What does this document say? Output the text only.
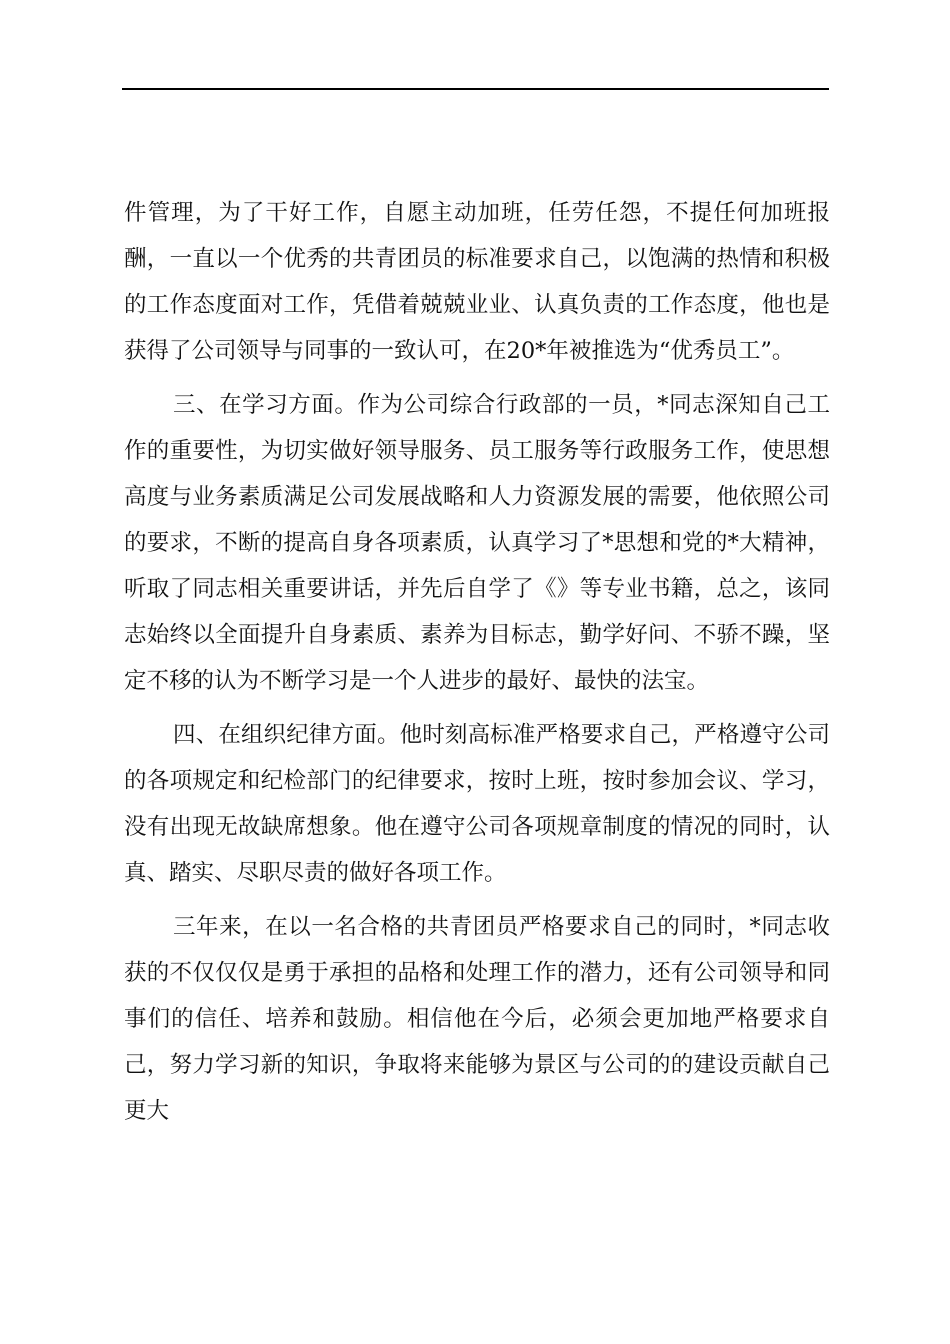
件管理，为了干好工作，自愿主动加班，任劳任怨，不提任何加班报酬，一直以一个优秀的共青团员的标准要求自己，以饱满的热情和积极的工作态度面对工作，凭借着兢兢业业、认真负责的工作态度，他也是获得了公司领导与同事的一致认可，在20*年被推选为“优秀员工”。

三、在学习方面。作为公司综合行政部的一员，*同志深知自己工作的重要性，为切实做好领导服务、员工服务等行政服务工作，使思想高度与业务素质满足公司发展战略和人力资源发展的需要，他依照公司的要求，不断的提高自身各项素质，认真学习了*思想和党的*大精神，听取了同志相关重要讲话，并先后自学了《》等专业书籍，总之，该同志始终以全面提升自身素质、素养为目标志，勤学好问、不骄不躁，坚定不移的认为不断学习是一个人进步的最好、最快的法宝。

四、在组织纪律方面。他时刻高标准严格要求自己，严格遵守公司的各项规定和纪检部门的纪律要求，按时上班，按时参加会议、学习，没有出现无故缺席想象。他在遵守公司各项规章制度的情况的同时，认真、踏实、尽职尽责的做好各项工作。

三年来，在以一名合格的共青团员严格要求自己的同时，*同志收获的不仅仅仅是勇于承担的品格和处理工作的潜力，还有公司领导和同事们的信任、培养和鼓励。相信他在今后，必须会更加地严格要求自己，努力学习新的知识，争取将来能够为景区与公司的的建设贡献自己更大
